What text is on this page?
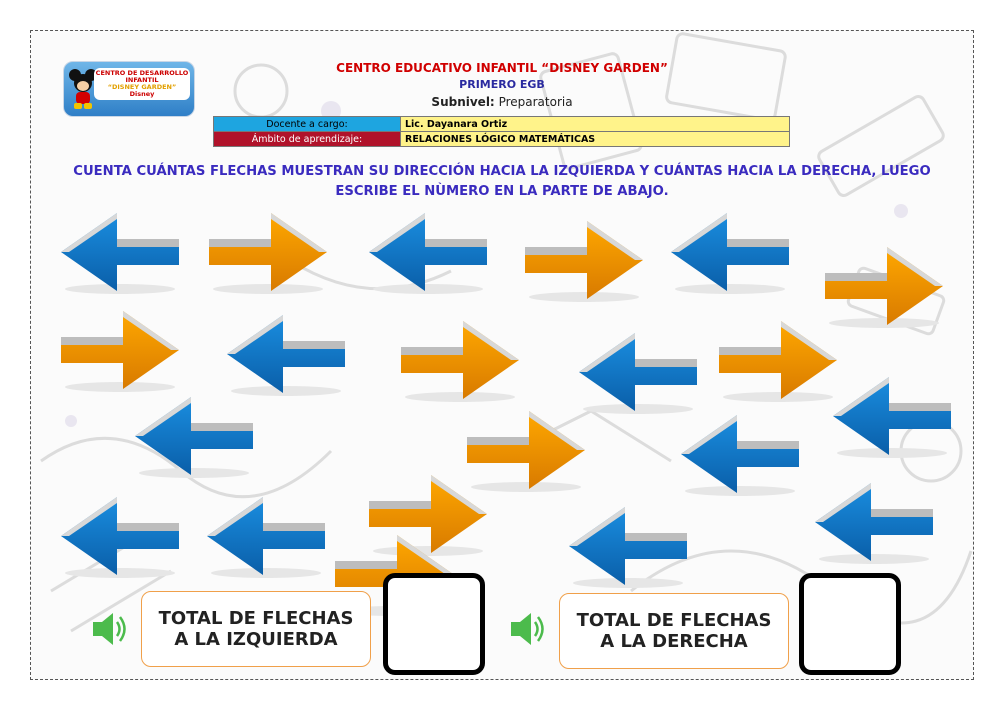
CENTRO DE DESARROLLO
INFANTIL
“DISNEY GARDEN”
Disney
CENTRO EDUCATIVO INFANTIL “DISNEY GARDEN”
PRIMERO EGB
Subnivel: Preparatoria
Docente a cargo:	Lic. Dayanara Ortiz
Ámbito de aprendizaje:	RELACIONES LÓGICO MATEMÁTICAS
CUENTA CUÁNTAS FLECHAS MUESTRAN SU DIRECCIÓN HACIA LA IZQUIERDA Y CUÁNTAS HACIA LA DERECHA, LUEGO
ESCRIBE EL NÙMERO EN LA PARTE DE ABAJO.
TOTAL DE FLECHAS
A LA IZQUIERDA
TOTAL DE FLECHAS
A LA DERECHA
